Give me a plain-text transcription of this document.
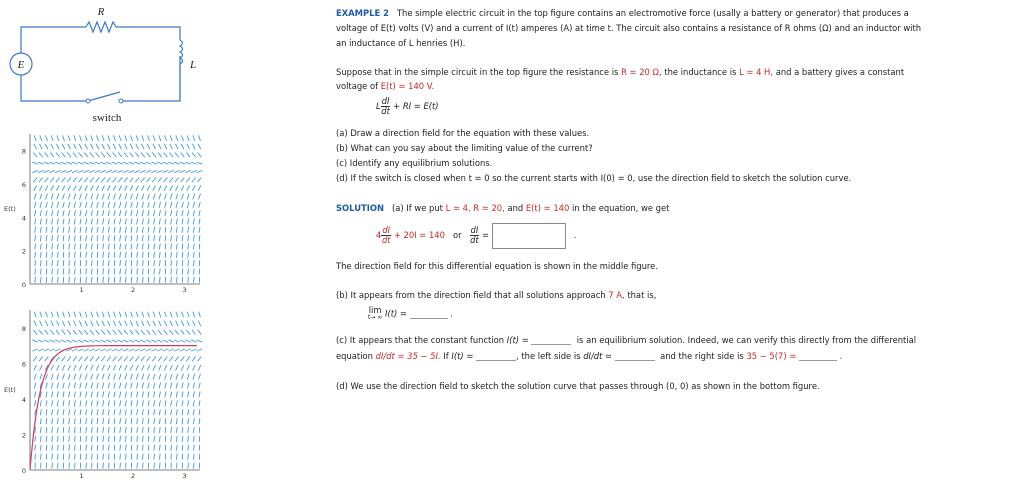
E
R
L
switch
8
6
4
2
0
1	2	3
E(t)
8
6
4
2
0
1	2	3
E(t)
EXAMPLE 2 The simple electric circuit in the top figure contains an electromotive force (usally a battery or generator) that produces a
voltage of E(t) volts (V) and a current of I(t) amperes (A) at time t. The circuit also contains a resistance of R ohms (Ω) and an inductor with
an inductance of L henries (H).
Suppose that in the simple circuit in the top figure the resistance is R = 20 Ω, the inductance is L = 4 H, and a battery gives a constant
voltage of E(t) = 140 V.
L $\frac{dI}{dt}$ + RI = E(t)
(a) Draw a direction field for the equation with these values.
(b) What can you say about the limiting value of the current?
(c) Identify any equilibrium solutions.
(d) If the switch is closed when t = 0 so the current starts with I(0) = 0, use the direction field to sketch the solution curve.
SOLUTION (a) If we put L = 4, R = 20, and E(t) = 140 in the equation, we get
$4 \frac{dI}{dt} + 20I = 140$ or $\frac{dI}{dt}$ =	.
The direction field for this differential equation is shown in the middle figure.
(b) It appears from the direction field that all solutions approach 7 A, that is,
lim
t→ ∞ I(t) =	.
(c) It appears that the constant function I(t) =	is an equilibrium solution. Indeed, we can verify this directly from the differential
equation dI/dt = 35 − 5I. If I(t) =	, the left side is dI/dt =	and the right side is 35 − 5(7) =	.
(d) We use the direction field to sketch the solution curve that passes through (0, 0) as shown in the bottom figure.
